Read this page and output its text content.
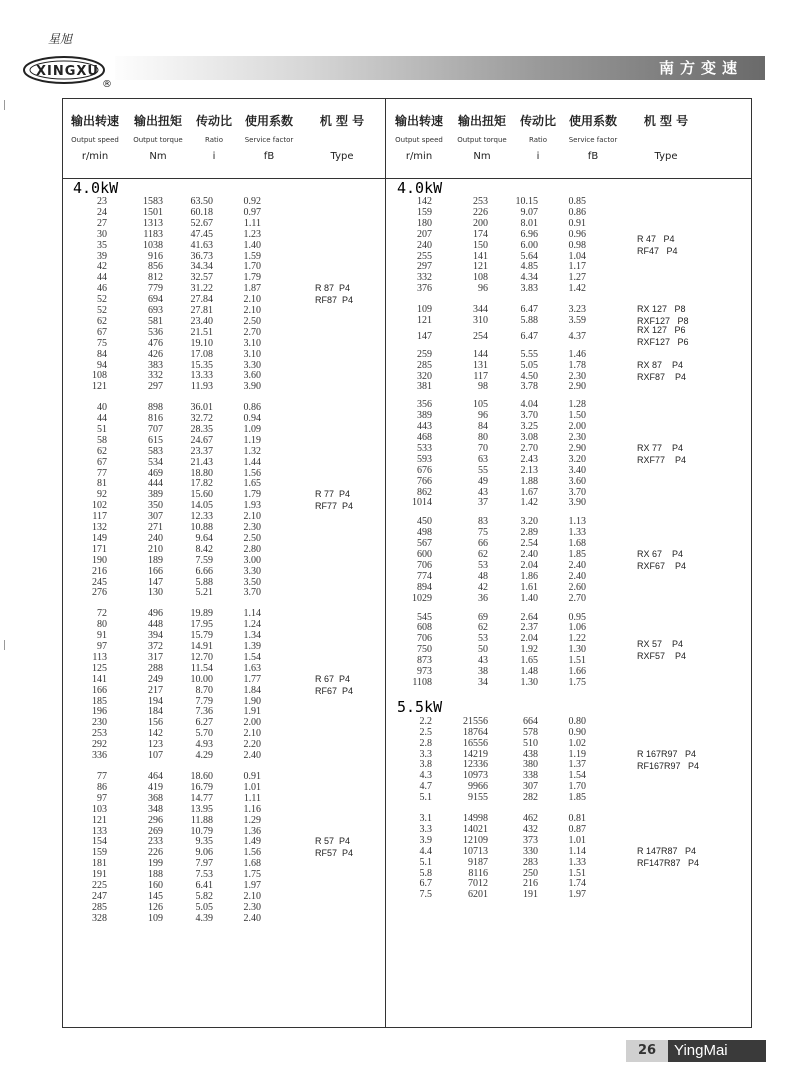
星旭
XINGXU
®
南方变速
输出转速
Output speed
r/min
输出扭矩
Output torque
Nm
传动比
Ratio
i
使用系数
Service factor
fB
机 型 号
Type
输出转速
Output speed
r/min
输出扭矩
Output torque
Nm
传动比
Ratio
i
使用系数
Service factor
fB
机 型 号
Type
4.0kW
23	1583	63.50	0.92
24	1501	60.18	0.97
27	1313	52.67	1.11
30	1183	47.45	1.23
35	1038	41.63	1.40
39	916	36.73	1.59
42	856	34.34	1.70
44	812	32.57	1.79
46	779	31.22	1.87
52	694	27.84	2.10
52	693	27.81	2.10
62	581	23.40	2.50
67	536	21.51	2.70
75	476	19.10	3.10
84	426	17.08	3.10
94	383	15.35	3.30
108	332	13.33	3.60
121	297	11.93	3.90
R 87  P4
RF87  P4
40	898	36.01	0.86
44	816	32.72	0.94
51	707	28.35	1.09
58	615	24.67	1.19
62	583	23.37	1.32
67	534	21.43	1.44
77	469	18.80	1.56
81	444	17.82	1.65
92	389	15.60	1.79
102	350	14.05	1.93
117	307	12.33	2.10
132	271	10.88	2.30
149	240	9.64	2.50
171	210	8.42	2.80
190	189	7.59	3.00
216	166	6.66	3.30
245	147	5.88	3.50
276	130	5.21	3.70
R 77  P4
RF77  P4
72	496	19.89	1.14
80	448	17.95	1.24
91	394	15.79	1.34
97	372	14.91	1.39
113	317	12.70	1.54
125	288	11.54	1.63
141	249	10.00	1.77
166	217	8.70	1.84
185	194	7.79	1.90
196	184	7.36	1.91
230	156	6.27	2.00
253	142	5.70	2.10
292	123	4.93	2.20
336	107	4.29	2.40
R 67  P4
RF67  P4
77	464	18.60	0.91
86	419	16.79	1.01
97	368	14.77	1.11
103	348	13.95	1.16
121	296	11.88	1.29
133	269	10.79	1.36
154	233	9.35	1.49
159	226	9.06	1.56
181	199	7.97	1.68
191	188	7.53	1.75
225	160	6.41	1.97
247	145	5.82	2.10
285	126	5.05	2.30
328	109	4.39	2.40
R 57  P4
RF57  P4
4.0kW
142	253	10.15	0.85
159	226	9.07	0.86
180	200	8.01	0.91
207	174	6.96	0.96
240	150	6.00	0.98
255	141	5.64	1.04
297	121	4.85	1.17
332	108	4.34	1.27
376	96	3.83	1.42
R 47   P4
RF47   P4
109	344	6.47	3.23
121	310	5.88	3.59
RX 127   P8
RXF127   P8
147	254	6.47	4.37
RX 127   P6
RXF127   P6
259	144	5.55	1.46
285	131	5.05	1.78
320	117	4.50	2.30
381	98	3.78	2.90
RX 87    P4
RXF87    P4
356	105	4.04	1.28
389	96	3.70	1.50
443	84	3.25	2.00
468	80	3.08	2.30
533	70	2.70	2.90
593	63	2.43	3.20
676	55	2.13	3.40
766	49	1.88	3.60
862	43	1.67	3.70
1014	37	1.42	3.90
RX 77    P4
RXF77    P4
450	83	3.20	1.13
498	75	2.89	1.33
567	66	2.54	1.68
600	62	2.40	1.85
706	53	2.04	2.40
774	48	1.86	2.40
894	42	1.61	2.60
1029	36	1.40	2.70
RX 67    P4
RXF67    P4
545	69	2.64	0.95
608	62	2.37	1.06
706	53	2.04	1.22
750	50	1.92	1.30
873	43	1.65	1.51
973	38	1.48	1.66
1108	34	1.30	1.75
RX 57    P4
RXF57    P4
5.5kW
2.2	21556	664	0.80
2.5	18764	578	0.90
2.8	16556	510	1.02
3.3	14219	438	1.19
3.8	12336	380	1.37
4.3	10973	338	1.54
4.7	9966	307	1.70
5.1	9155	282	1.85
R 167R97   P4
RF167R97   P4
3.1	14998	462	0.81
3.3	14021	432	0.87
3.9	12109	373	1.01
4.4	10713	330	1.14
5.1	9187	283	1.33
5.8	8116	250	1.51
6.7	7012	216	1.74
7.5	6201	191	1.97
R 147R87   P4
RF147R87   P4
26	YingMai
